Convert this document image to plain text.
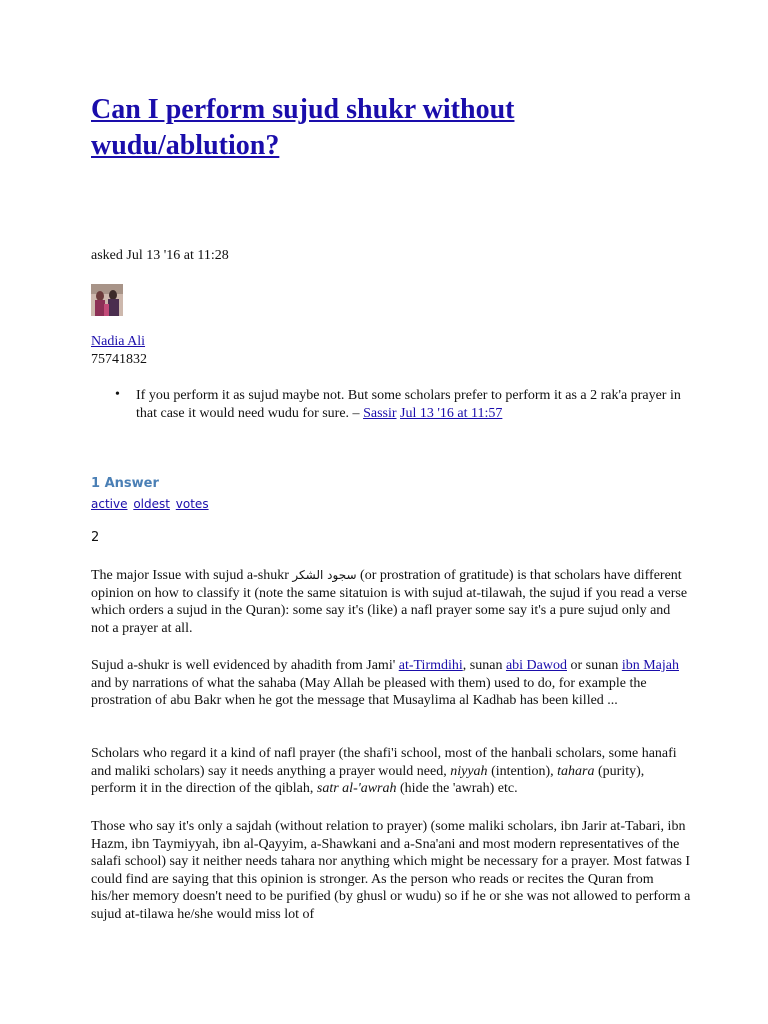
Can I perform sujud shukr without wudu/ablution?
asked Jul 13 '16 at 11:28
Nadia Ali
75741832
• If you perform it as sujud maybe not. But some scholars prefer to perform it as a 2 rak'a prayer in that case it would need wudu for sure. – Sassir Jul 13 '16 at 11:57
1 Answer
active oldest votes
2

The major Issue with sujud a-shukr سجود الشكر (or prostration of gratitude) is that scholars have different opinion on how to classify it (note the same sitatuion is with sujud at-tilawah, the sujud if you read a verse which orders a sujud in the Quran): some say it's (like) a nafl prayer some say it's a pure sujud only and not a prayer at all.

Sujud a-shukr is well evidenced by ahadith from Jami' at-Tirmdihi, sunan abi Dawod or sunan ibn Majah and by narrations of what the sahaba (May Allah be pleased with them) used to do, for example the prostration of abu Bakr when he got the message that Musaylima al Kadhab has been killed ...

Scholars who regard it a kind of nafl prayer (the shafi'i school, most of the hanbali scholars, some hanafi and maliki scholars) say it needs anything a prayer would need, niyyah (intention), tahara (purity), perform it in the direction of the qiblah, satr al-'awrah (hide the 'awrah) etc.

Those who say it's only a sajdah (without relation to prayer) (some maliki scholars, ibn Jarir at-Tabari, ibn Hazm, ibn Taymiyyah, ibn al-Qayyim, a-Shawkani and a-Sna'ani and most modern representatives of the salafi school) say it neither needs tahara nor anything which might be necessary for a prayer. Most fatwas I could find are saying that this opinion is stronger. As the person who reads or recites the Quran from his/her memory doesn't need to be purified (by ghusl or wudu) so if he or she was not allowed to perform a sujud at-tilawa he/she would miss lot of
